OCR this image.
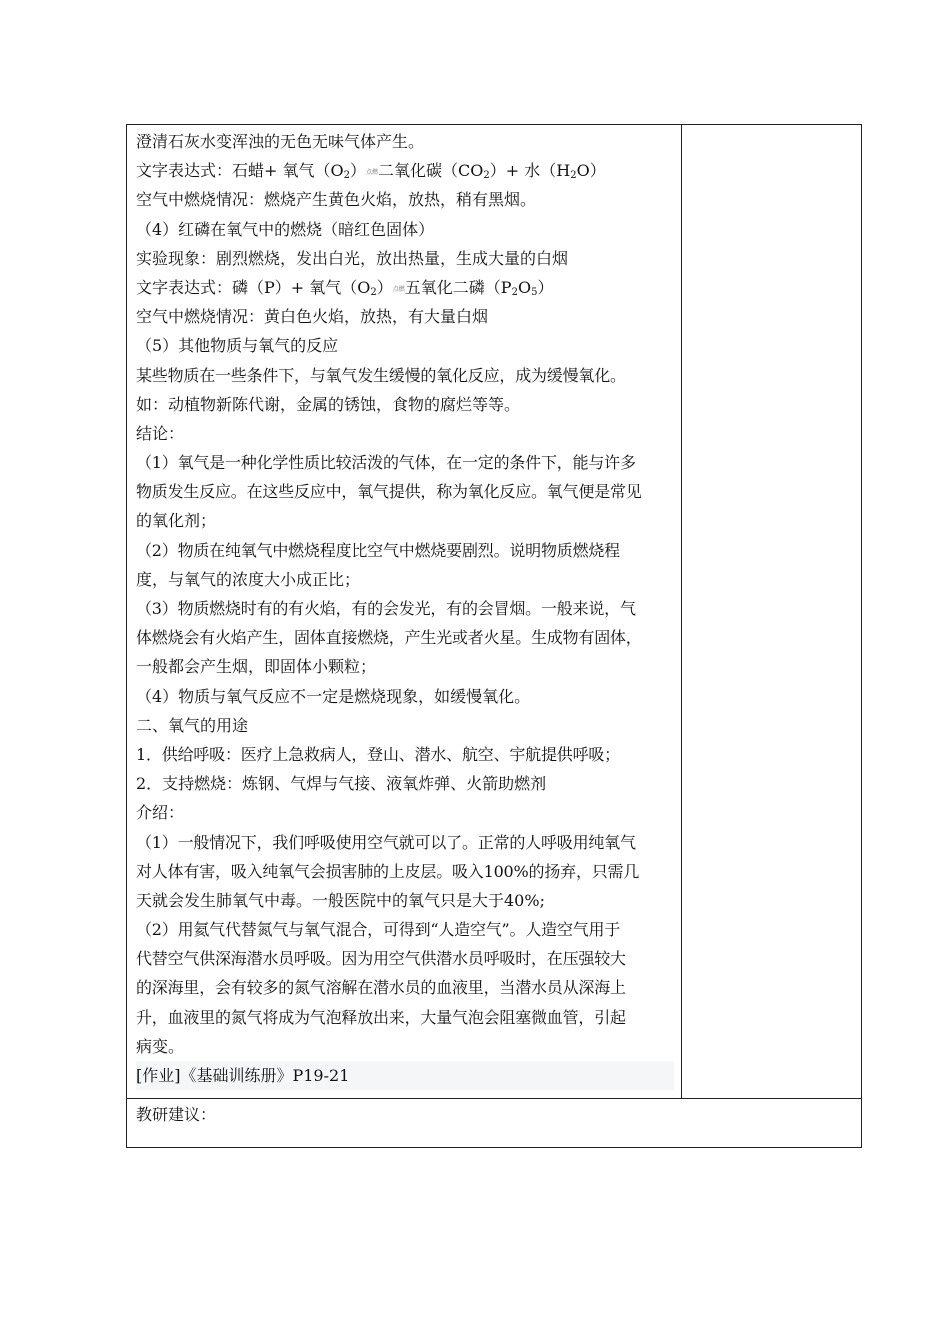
澄清石灰水变浑浊的无色无味气体产生。
文字表达式：石蜡+ 氧气$(O_2)$点燃二氧化碳$(CO_2)+$ 水$(H_2O)$
空气中燃烧情况：燃烧产生黄色火焰，放热，稍有黑烟。
（4）红磷在氧气中的燃烧（暗红色固体）
实验现象：剧烈燃烧，发出白光，放出热量，生成大量的白烟
文字表达式：磷（P）+ 氧气$(O_2)$点燃五氧化二磷$(P_2O_5)$
空气中燃烧情况：黄白色火焰，放热，有大量白烟
（5）其他物质与氧气的反应
某些物质在一些条件下，与氧气发生缓慢的氧化反应，成为缓慢氧化。
如：动植物新陈代谢，金属的锈蚀，食物的腐烂等等。
结论：
（1）氧气是一种化学性质比较活泼的气体，在一定的条件下，能与许多
物质发生反应。在这些反应中，氧气提供，称为氧化反应。氧气便是常见
的氧化剂；
（2）物质在纯氧气中燃烧程度比空气中燃烧要剧烈。说明物质燃烧程
度，与氧气的浓度大小成正比；
（3）物质燃烧时有的有火焰，有的会发光，有的会冒烟。一般来说，气
体燃烧会有火焰产生，固体直接燃烧，产生光或者火星。生成物有固体，
一般都会产生烟，即固体小颗粒；
（4）物质与氧气反应不一定是燃烧现象，如缓慢氧化。
二、氧气的用途
1．供给呼吸：医疗上急救病人，登山、潜水、航空、宇航提供呼吸；
2．支持燃烧：炼钢、气焊与气接、液氧炸弹、火箭助燃剂
介绍：
（1）一般情况下，我们呼吸使用空气就可以了。正常的人呼吸用纯氧气
对人体有害，吸入纯氧气会损害肺的上皮层。吸入100%的扬弃，只需几
天就会发生肺氧气中毒。一般医院中的氧气只是大于40%;
（2）用氦气代替氮气与氧气混合，可得到“人造空气”。人造空气用于
代替空气供深海潜水员呼吸。因为用空气供潜水员呼吸时，在压强较大
的深海里，会有较多的氮气溶解在潜水员的血液里，当潜水员从深海上
升，血液里的氮气将成为气泡释放出来，大量气泡会阻塞微血管，引起
病变。
[作业]《基础训练册》P19-21
教研建议：
